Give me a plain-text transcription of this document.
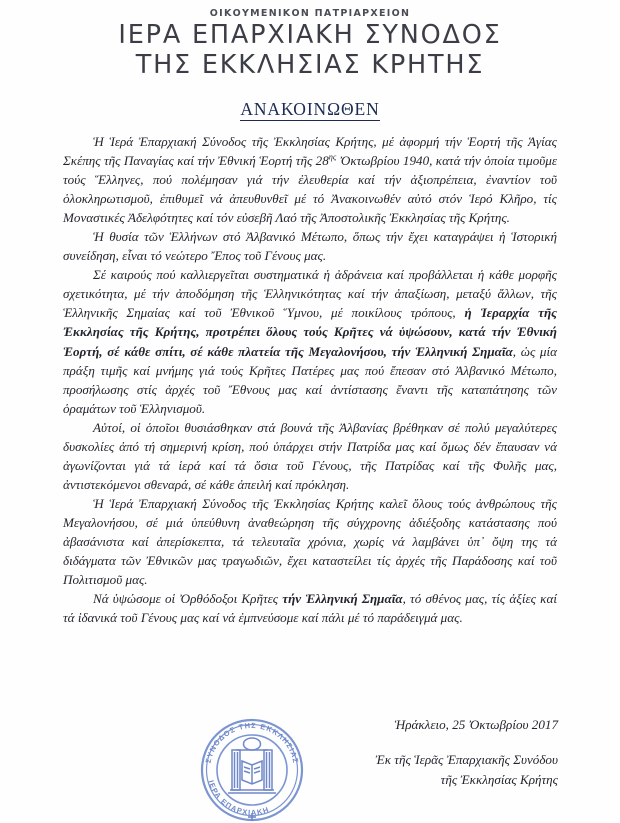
ΟΙΚΟΥΜΕΝΙΚΟΝ ΠΑΤΡΙΑΡΧΕΙΟΝ
ΙΕΡΑ ΕΠΑΡΧΙΑΚΗ ΣΥΝΟΔΟΣ
ΤΗΣ ΕΚΚΛΗΣΙΑΣ ΚΡΗΤΗΣ
ΑΝΑΚΟΙΝΩΘΕΝ

Ἡ Ἱερά Ἐπαρχιακή Σύνοδος τῆς Ἐκκλησίας Κρήτης, μέ ἀφορμή τήν Ἑορτή τῆς Ἁγίας Σκέπης τῆς Παναγίας καί τήν Ἐθνική Ἑορτή τῆς $28^{\eta\varsigma}$ Ὀκτωβρίου 1940, κατά τήν ὁποία τιμοῦμε τούς Ἕλληνες, πού πολέμησαν γιά τήν ἐλευθερία καί τήν ἀξιοπρέπεια, ἐναντίον τοῦ ὁλοκληρωτισμοῦ, ἐπιθυμεῖ νά ἀπευθυνθεῖ μέ τό Ἀνακοινωθέν αὐτό στόν Ἱερό Κλῆρο, τίς Μοναστικές Ἀδελφότητες καί τόν εὐσεβῆ Λαό τῆς Ἀποστολικῆς Ἐκκλησίας τῆς Κρήτης.

Ἡ θυσία τῶν Ἑλλήνων στό Ἀλβανικό Μέτωπο, ὅπως τήν ἔχει καταγράψει ἡ Ἱστορική συνείδηση, εἶναι τό νεώτερο Ἔπος τοῦ Γένους μας.

Σέ καιρούς πού καλλιεργεῖται συστηματικά ἡ ἀδράνεια καί προβάλλεται ἡ κάθε μορφῆς σχετικότητα, μέ τήν ἀποδόμηση τῆς Ἑλληνικότητας καί τήν ἀπαξίωση, μεταξύ ἄλλων, τῆς Ἑλληνικῆς Σημαίας καί τοῦ Ἐθνικοῦ Ὕμνου, μέ ποικίλους τρόπους, ἡ Ἱεραρχία τῆς Ἐκκλησίας τῆς Κρήτης, προτρέπει ὅλους τούς Κρῆτες νά ὑψώσουν, κατά τήν Ἐθνική Ἑορτή, σέ κάθε σπίτι, σέ κάθε πλατεία τῆς Μεγαλονήσου, τήν Ἑλληνική Σημαῖα, ὡς μία πράξη τιμῆς καί μνήμης γιά τούς Κρῆτες Πατέρες μας πού ἔπεσαν στό Ἀλβανικό Μέτωπο, προσήλωσης στίς ἀρχές τοῦ Ἔθνους μας καί ἀντίστασης ἔναντι τῆς καταπάτησης τῶν ὁραμάτων τοῦ Ἑλληνισμοῦ.

Αὐτοί, οἱ ὁποῖοι θυσιάσθηκαν στά βουνά τῆς Ἀλβανίας βρέθηκαν σέ πολύ μεγαλύτερες δυσκολίες ἀπό τή σημερινή κρίση, πού ὑπάρχει στήν Πατρίδα μας καί ὅμως δέν ἔπαυσαν νά ἀγωνίζονται γιά τά ἱερά καί τά ὅσια τοῦ Γένους, τῆς Πατρίδας καί τῆς Φυλῆς μας, ἀντιστεκόμενοι σθεναρά, σέ κάθε ἀπειλή καί πρόκληση.

Ἡ Ἱερά Ἐπαρχιακή Σύνοδος τῆς Ἐκκλησίας Κρήτης καλεῖ ὅλους τούς ἀνθρώπους τῆς Μεγαλονήσου, σέ μιά ὑπεύθυνη ἀναθεώρηση τῆς σύγχρονης ἀδιέξοδης κατάστασης πού ἀβασάνιστα καί ἀπερίσκεπτα, τά τελευταῖα χρόνια, χωρίς νά λαμβάνει ὑπ᾽ ὄψη της τά διδάγματα τῶν Ἐθνικῶν μας τραγωδιῶν, ἔχει καταστείλει τίς ἀρχές τῆς Παράδοσης καί τοῦ Πολιτισμοῦ μας.

Νά ὑψώσομε οἱ Ὀρθόδοξοι Κρῆτες τήν Ἑλληνική Σημαῖα, τό σθένος μας, τίς ἀξίες καί τά ἰδανικά τοῦ Γένους μας καί νά ἐμπνεύσομε καί πάλι μέ τό παράδειγμά μας.

ΣΥΝΟΔΟΣ ΤΗΣ ΕΚΚΛΗΣΙΑΣ
ΙΕΡΑ ΕΠΑΡΧΙΑΚΗ
Ἡράκλειο, 25 Ὀκτωβρίου 2017
Ἐκ τῆς Ἱερᾶς Ἐπαρχιακῆς Συνόδου
τῆς Ἐκκλησίας Κρήτης
